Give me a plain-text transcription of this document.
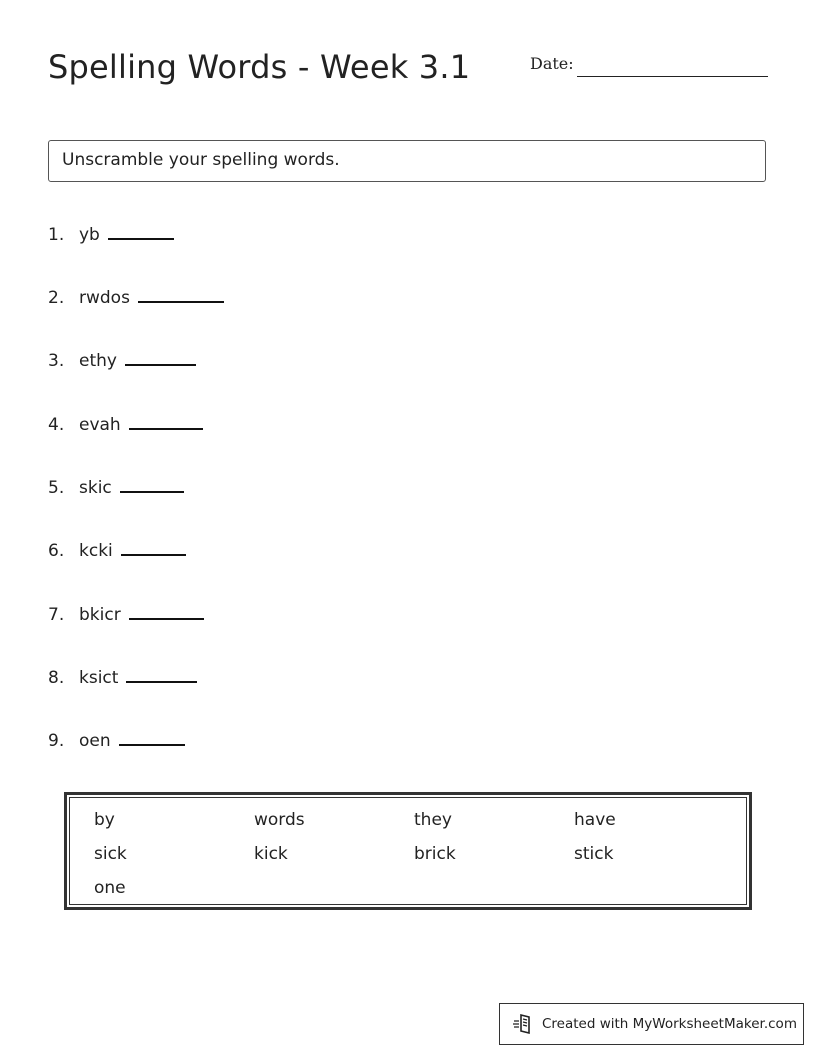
Spelling Words - Week 3.1	Date:
Unscramble your spelling words.
1. yb
2. rwdos
3. ethy
4. evah
5. skic
6. kcki
7. bkicr
8. ksict
9. oen
by	words	they	have
sick	kick	brick	stick
one
Created with MyWorksheetMaker.com
